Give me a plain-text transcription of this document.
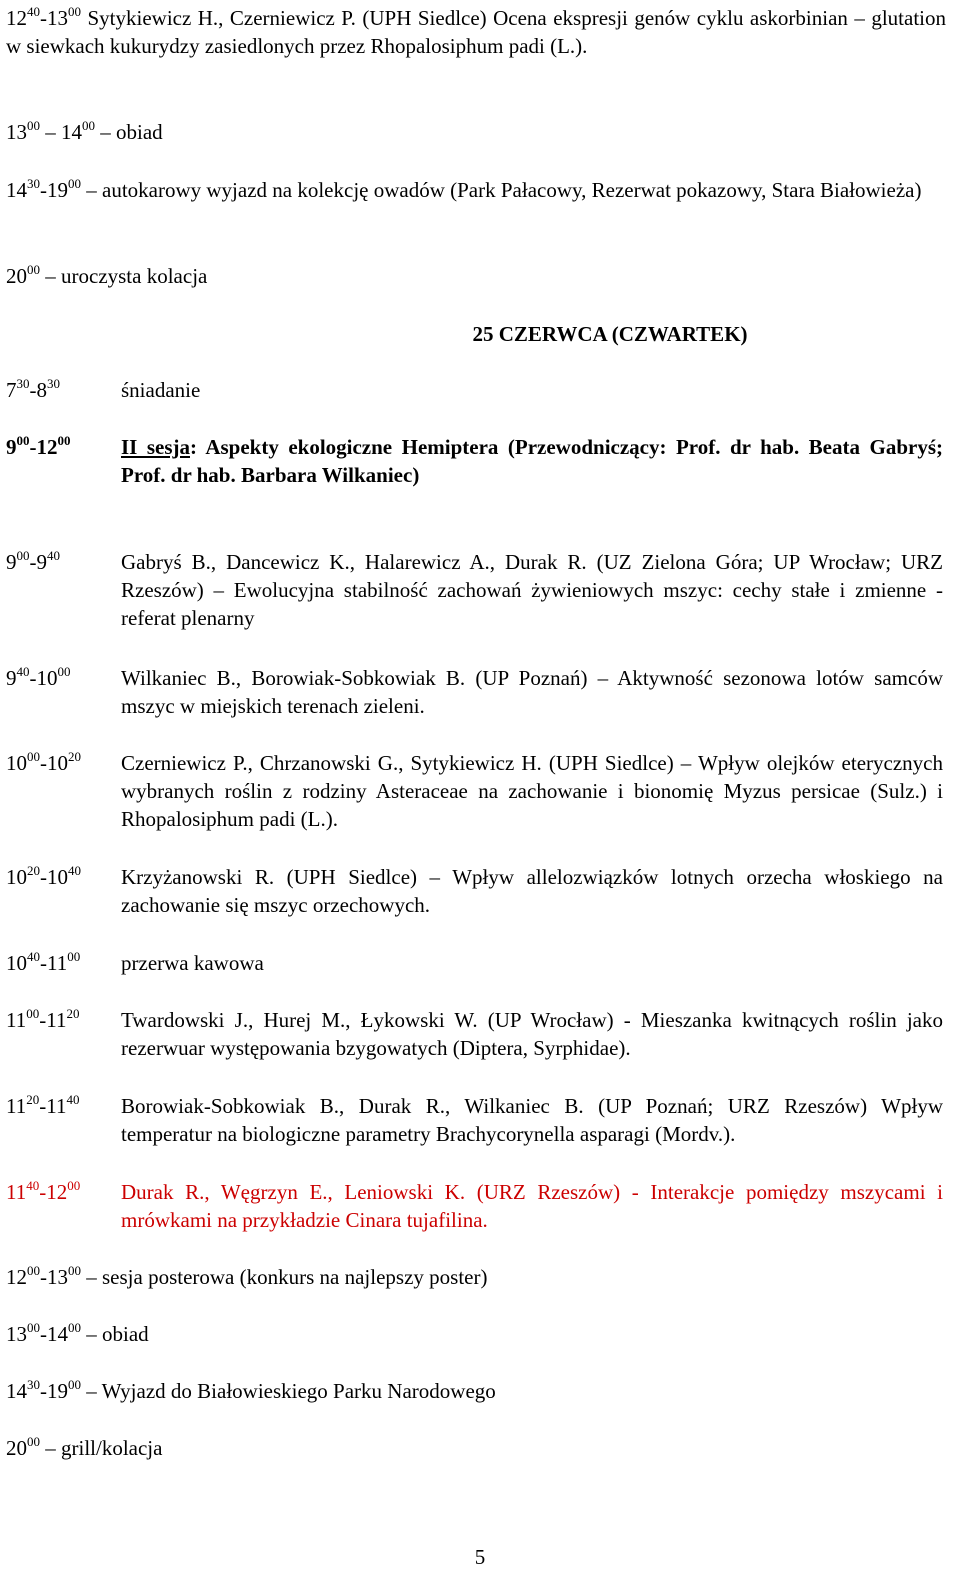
$12^{40}-13^{00}$ Sytykiewicz H., Czerniewicz P. (UPH Siedlce) Ocena ekspresji genów cyklu askorbinian – glutation w siewkach kukurydzy zasiedlonych przez Rhopalosiphum padi (L.).
$13^{00} - 14^{00}$ – obiad
$14^{30}-19^{00}$ – autokarowy wyjazd na kolekcję owadów (Park Pałacowy, Rezerwat pokazowy, Stara Białowieża)
$20^{00}$ – uroczysta kolacja
25 CZERWCA (CZWARTEK)
$7^{30}-8^{30}$	śniadanie
$9^{00}-12^{00}$ II sesja: Aspekty ekologiczne Hemiptera (Przewodniczący: Prof. dr hab. Beata Gabryś; Prof. dr hab. Barbara Wilkaniec)
$9^{00}-9^{40}$	Gabryś B., Dancewicz K., Halarewicz A., Durak R. (UZ Zielona Góra; UP Wrocław; URZ Rzeszów) – Ewolucyjna stabilność zachowań żywieniowych mszyc: cechy stałe i zmienne - referat plenarny
$9^{40}-10^{00}$ Wilkaniec B., Borowiak-Sobkowiak B. (UP Poznań) – Aktywność sezonowa lotów samców mszyc w miejskich terenach zieleni.
$10^{00}-10^{20}$ Czerniewicz P., Chrzanowski G., Sytykiewicz H. (UPH Siedlce) – Wpływ olejków eterycznych wybranych roślin z rodziny Asteraceae na zachowanie i bionomię Myzus persicae (Sulz.) i Rhopalosiphum padi (L.).
$10^{20}-10^{40}$ Krzyżanowski R. (UPH Siedlce) – Wpływ allelozwiązków lotnych orzecha włoskiego na zachowanie się mszyc orzechowych.
$10^{40}-11^{00}$ przerwa kawowa
$11^{00}-11^{20}$ Twardowski J., Hurej M., Łykowski W. (UP Wrocław) - Mieszanka kwitnących roślin jako rezerwuar występowania bzygowatych (Diptera, Syrphidae).
$11^{20}-11^{40}$ Borowiak-Sobkowiak B., Durak R., Wilkaniec B. (UP Poznań; URZ Rzeszów) Wpływ temperatur na biologiczne parametry Brachycorynella asparagi (Mordv.).
$11^{40}-12^{00}$ Durak R., Węgrzyn E., Leniowski K. (URZ Rzeszów) - Interakcje pomiędzy mszycami i mrówkami na przykładzie Cinara tujafilina.
$12^{00}-13^{00}$ – sesja posterowa (konkurs na najlepszy poster)
$13^{00}-14^{00}$ – obiad
$14^{30}-19^{00}$ – Wyjazd do Białowieskiego Parku Narodowego
$20^{00}$ – grill/kolacja
5
